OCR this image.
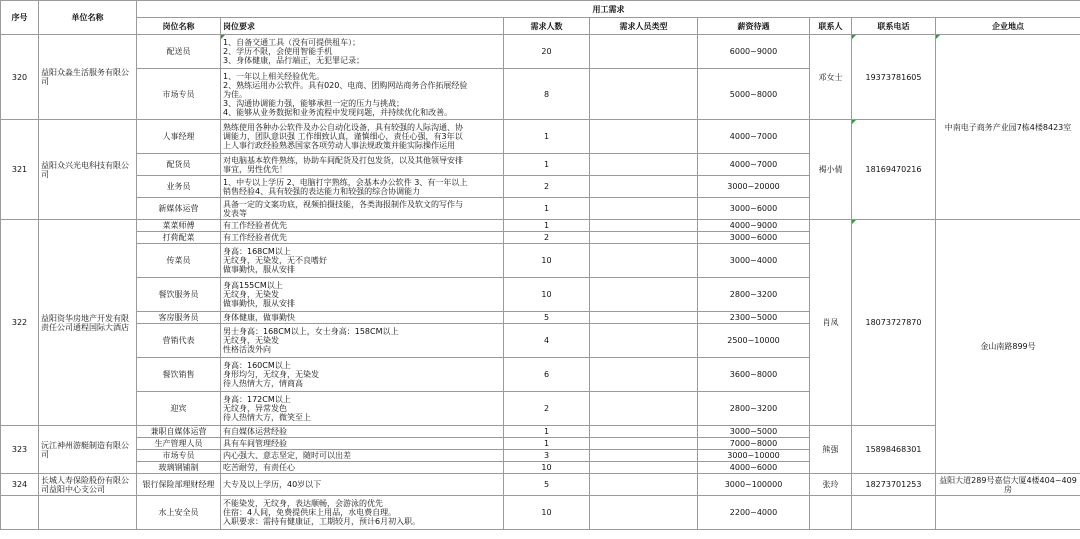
序号	单位名称	用工需求							
		岗位名称	岗位要求	需求人数	需求人员类型	薪资待遇	联系人	联系电话	企业地点
320	益阳众淼生活服务有限公司	配送员	1、自备交通工具（没有可提供租车）；
2、学历不限，会使用智能手机
3、身体健康，品行端正，无犯罪记录；	20		6000~9000	邓女士	19373781605	中南电子商务产业园7栋4楼8423室
		市场专员	1、一年以上相关经验优先。
2、熟练运用办公软件。具有020、电商、团购网站商务合作拓展经验
为佳。
3、沟通协调能力强，能够承担一定的压力与挑战；
4、能够从业务数据和业务流程中发现问题，并持续优化和改善。	8		5000~8000			
321	益阳众兴光电科技有限公司	人事经理	熟练使用各种办公软件及办公自动化设备，具有较强的人际沟通、协
调能力，团队意识强 工作细致认真，谨慎细心，责任心强，有3年以
上人事行政经验熟悉国家各项劳动人事法规政策并能实际操作运用	1		4000~7000	褐小倩	18169470216	
		配货员	对电脑基本软件熟练，协助车间配货及打包发货，以及其他领导安排
事宜，男性优先！	1		4000~7000			
		业务员	1、中专以上学历 2、电脑打字熟练，会基本办公软件 3、有一年以上
销售经验4、具有较强的表达能力和较强的综合协调能力	2		3000~20000			
		新媒体运营	具备一定的文案功底，视频拍摄技能，各类海报制作及软文的写作与
发表等	1		3000~6000			
322	益阳资华房地产开发有限责任公司通程国际大酒店	菜菜师傅	有工作经验者优先	1		4000~9000	肖凤	18073727870	金山南路899号
		打荷配菜	有工作经验者优先	2		3000~6000			
		传菜员	身高：168CM以上
无纹身，无染发，无不良嗜好
做事勤快，服从安排	10		3000~4000			
		餐饮服务员	身高155CM以上
无纹身，无染发
做事勤快，服从安排	10		2800~3200			
		客房服务员	身体健康，做事勤快	5		2300~5000			
		营销代表	男士身高：168CM以上，女士身高：158CM以上
无纹身，无染发
性格活泼外向	4		2500~10000			
		餐饮销售	身高：160CM以上
身形均匀，无纹身，无染发
待人热情大方，情商高	6		3600~8000			
		迎宾	身高：172CM以上
无纹身，异常发色
待人热情大方，微笑至上	2		2800~3200			
323	沅江神州游艇制造有限公司	兼职自媒体运营	有自媒体运营经验	1		3000~5000	熊强	15898468301	
		生产管理人员	具有车间管理经验	1		7000~8000			
		市场专员	内心强大、意志坚定，随时可以出差	3		3000~10000			
		玻璃钢铺制	吃苦耐劳，有责任心	10		4000~6000			
324	长城人寿保险股份有限公司益阳中心支公司	银行保险部理财经理	大专及以上学历，40岁以下	5		3000~100000	张玲	18273701253	益阳大道289号嘉信大厦4楼404~409房
		水上安全员	不能染发，无纹身，表达顺畅，会游泳的优先
住宿：4人间，免费提供床上用品，水电费自理。
入职要求：需持有健康证，工期较月，预计6月初入职。	10		2200~4000			
